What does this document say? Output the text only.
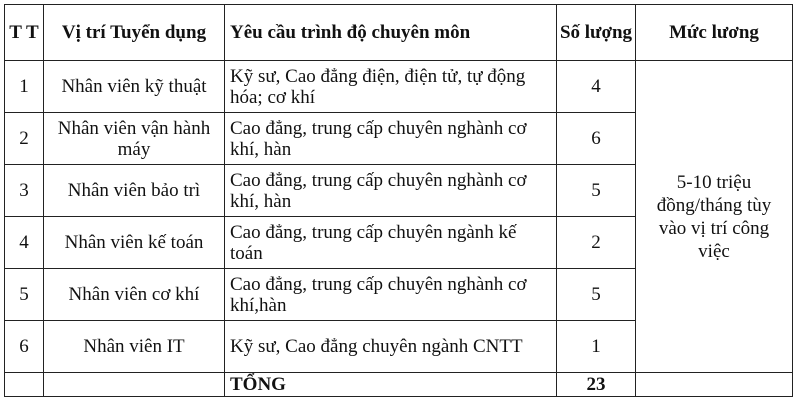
T T	Vị trí Tuyển dụng	Yêu cầu trình độ chuyên môn	Số lượng	Mức lương
1	Nhân viên kỹ thuật	Kỹ sư, Cao đẳng điện, điện tử, tự động hóa; cơ khí	4	5-10 triệu đồng/tháng tùy vào vị trí công việc
2	Nhân viên vận hành máy	Cao đẳng, trung cấp chuyên nghành cơ khí, hàn	6	
3	Nhân viên bảo trì	Cao đẳng, trung cấp chuyên nghành cơ khí, hàn	5	
4	Nhân viên kế toán	Cao đẳng, trung cấp chuyên ngành kế toán	2	
5	Nhân viên cơ khí	Cao đẳng, trung cấp chuyên nghành cơ khí,hàn	5	
6	Nhân viên IT	Kỹ sư, Cao đẳng chuyên ngành CNTT	1	
		TỔNG	23	
